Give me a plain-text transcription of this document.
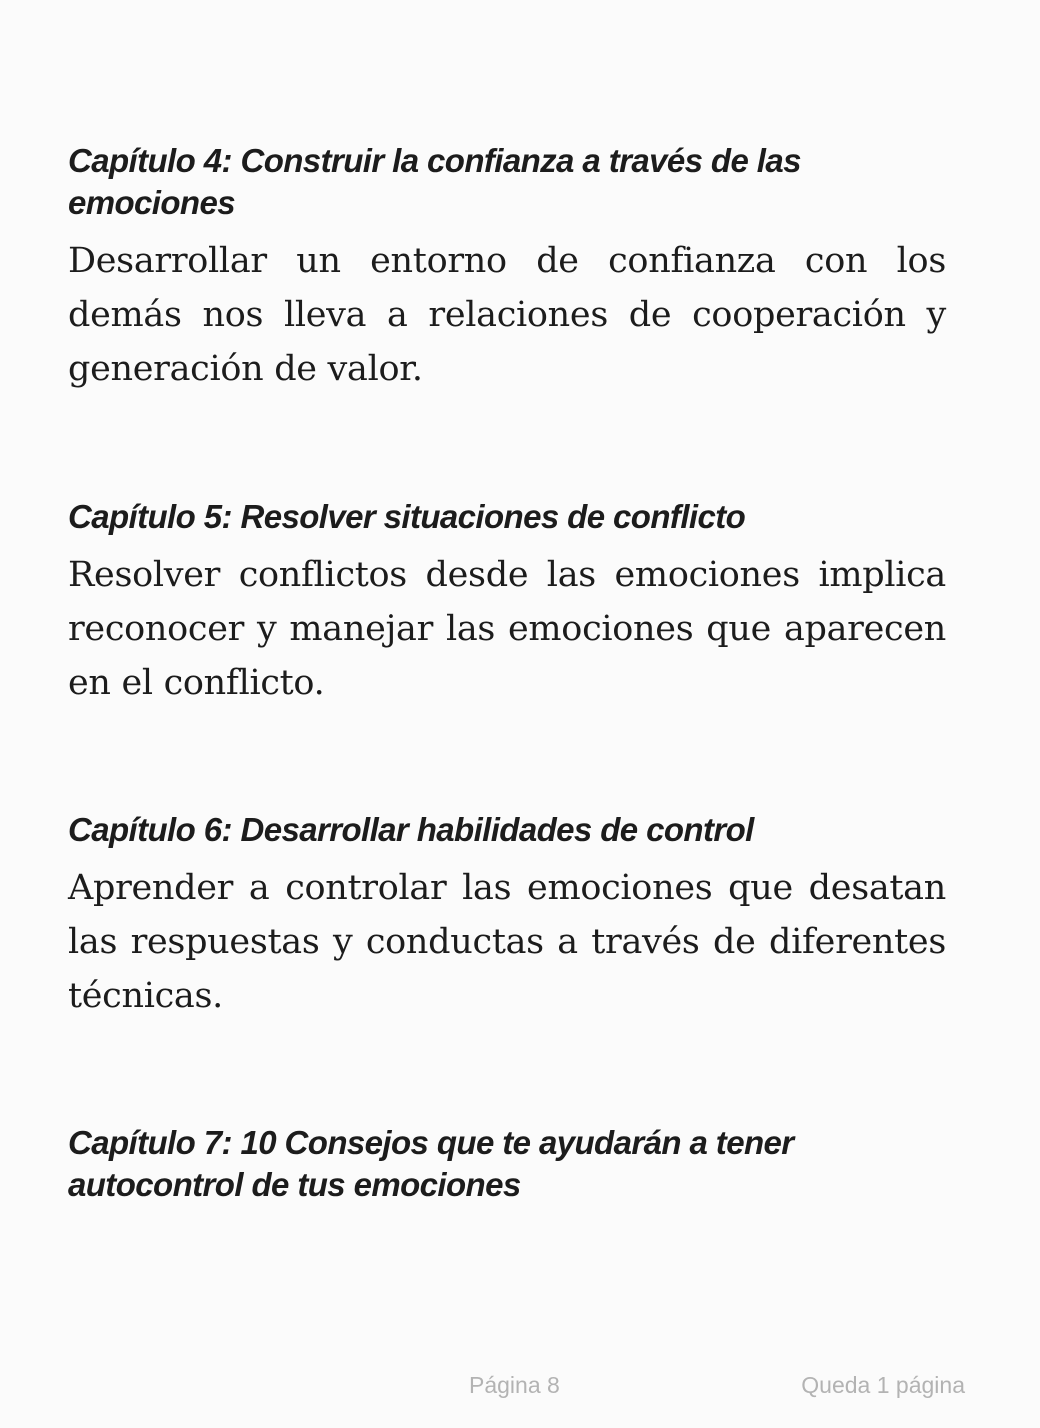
Capítulo 4: Construir la confianza a través de las emociones

Desarrollar un entorno de confianza con los demás nos lleva a relaciones de cooperación y generación de valor.

Capítulo 5: Resolver situaciones de conflicto

Resolver conflictos desde las emociones implica reconocer y manejar las emociones que aparecen en el conflicto.

Capítulo 6: Desarrollar habilidades de control

Aprender a controlar las emociones que desatan las respuestas y conductas a través de diferentes técnicas.

Capítulo 7: 10 Consejos que te ayudarán a tener autocontrol de tus emociones
Página 8	Queda 1 página
